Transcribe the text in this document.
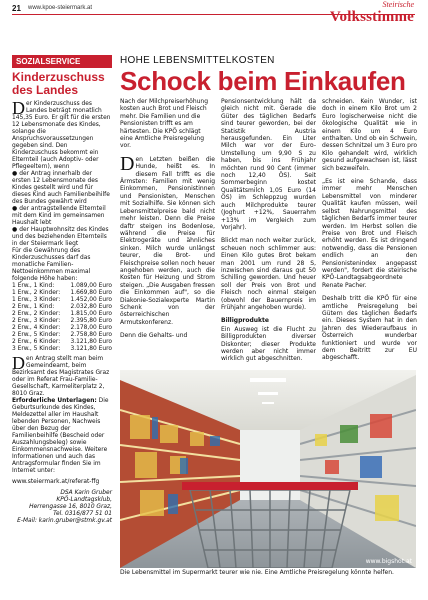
21 www.kpoe-steiermark.at	Steirische
Volksstimme
SOZIALSERVICE
Kinderzuschuss des Landes

Der Kinderzuschuss des Landes beträgt monatlich 145,35 Euro. Er gilt für die ersten 12 Lebensmonate des Kindes, solange die Anspruchsvoraussetzungen gegeben sind. Den Kinderzuschuss bekommt ein Elternteil (auch Adoptiv- oder Pflegeeltern), wenn

● der Antrag innerhalb der ersten 12 Lebensmonate des Kindes gestellt wird und für dieses Kind auch Familienbeihilfe des Bundes gewährt wird

● der antragstellende Elternteil mit dem Kind im gemeinsamen Haushalt lebt

● der Hauptwohnsitz des Kindes und des beziehenden Elternteils in der Steiermark liegt

Für die Gewährung des Kinderzuschusses darf das monatliche Familien-Nettoeinkommen maximal folgende Höhe haben:

1 Erw., 1 Kind:	1.089,00 Euro
1 Erw., 2 Kinder:	1.669,80 Euro
1 Erw., 3 Kinder:	1.452,00 Euro
2 Erw., 1 Kind:	2.032,80 Euro
2 Erw., 2 Kinder:	1.815,00 Euro
2 Erw., 3 Kinder:	2.395,80 Euro
2 Erw., 4 Kinder:	2.178,00 Euro
2 Erw., 5 Kinder:	2.758,80 Euro
2 Erw., 6 Kinder:	3.121,80 Euro
3 Erw., 5 Kinder:	3.121,80 Euro

Den Antrag stellt man beim Gemeindeamt, beim Bezirksamt des Magistrates Graz oder im Referat Frau-Familie-Gesellschaft, Karmeliterplatz 2, 8010 Graz.

Erforderliche Unterlagen: Die Geburtsurkunde des Kindes, Meldezettel aller im Haushalt lebenden Personen, Nachweis über den Bezug der Familienbeihilfe (Bescheid oder Auszahlungsbeleg) sowie Einkommensnachweise. Weitere Informationen und auch das Antragsformular finden Sie im Internet unter:

www.steiermark.at/referat-ffg

DSA Karin Gruber
KPÖ-Landtagsklub,
Herrengasse 16, 8010 Graz,
Tel. 0316/877 51 01
E-Mail: karin.gruber@stmk.gv.at
HOHE LEBENSMITTELKOSTEN
Schock beim Einkaufen

Nach der Milchpreiserhöhung kosten auch Brot und Fleisch mehr. Die Familien und die Pensionisten trifft es am härtesten. Die KPÖ schlägt eine Amtliche Preisregelung vor.

Den Letzten beißen die Hunde, heißt es. In diesem Fall trifft es die Ärmsten: Familien mit wenig Einkommen, Pensionistinnen und Pensionisten, Menschen mit Sozialhilfe. Sie können sich Lebensmittelpreise bald nicht mehr leisten. Denn die Preise daftr steigen ins Bodenlose, während die Preise für Elektrogeräte und ähnliches sinken. Milch wurde unlängst teurer, die Brot- und Fleischpreise sollen noch heuer angehoben werden, auch die Kosten für Heizung und Strom steigen. „Die Ausgaben fressen die Einkommen auf", so die Diakonie-Sozialexperte Martin Schenk von der österreichischen Armutskonferenz.

Denn die Gehalts- und

Pensionsentwicklung hält da gleich nicht mit. Gerade die Güter des täglichen Bedarfs sind teurer geworden, bei der Statistik Austria herausgefunden. Ein Liter Milch war vor der Euro-Umstellung um 9,90 S zu haben, bis ins Frühjahr möchten rund 90 Cent (immer noch 12,40 ÖS). Seit Sommerbeginn kostet Qualitätsmilch 1,05 Euro (14 ÖS) im Schleppzug wurden auch Milchprodukte teurer (Joghurt +12%, Sauerrahm +13% im Vergleich zum Vorjahr).

Blickt man noch weiter zurück, scheuen noch schlimmer aus: Einen Kilo gutes Brot bekam man 2001 um rund 28 S, inzwischen sind daraus gut 50 Schilling geworden. Und heuer soll der Preis von Brot und Fleisch noch einmal steigen (obwohl der Bauernpreis im Frühjahr angehoben wurde).

Billigprodukte

Ein Ausweg ist die Flucht zu Billigprodukten diverser Diskonter; dieser Produkte werden aber nicht immer wirklich gut abgeschnitten.

schneiden. Kein Wunder, ist doch in einem Kilo Brot um 2 Euro logischerweise nicht die ökologische Qualität wie in einem Kilo um 4 Euro enthalten. Und ob ein Schwein, dessen Schnitzel um 3 Euro pro Kilo gehandelt wird, wirklich gesund aufgewachsen ist, lässt sich bezweifeln.

„Es ist eine Schande, dass immer mehr Menschen Lebensmittel von minderer Qualität kaufen müssen, weil selbst Nahrungsmittel des täglichen Bedarfs immer teurer werden. Im Herbst sollen die Preise von Brot und Fleisch erhöht werden. Es ist dringend notwendig, dass die Pensionen endlich an den Pensionistenindex angepasst werden", fordert die steirische KPÖ-Landtagsabgeordnete Renate Pacher.

Deshalb tritt die KPÖ für eine amtliche Preisregelung bei Gütern des täglichen Bedarfs ein. Dieses System hat in den Jahren des Wiederaufbaus in Österreich wunderbar funktioniert und wurde vor dem Beitritt zur EU abgeschafft.

www.bigshot.at
Die Lebensmittel im Supermarkt teurer wie nie. Eine Amtliche Preisregelung könnte helfen.
